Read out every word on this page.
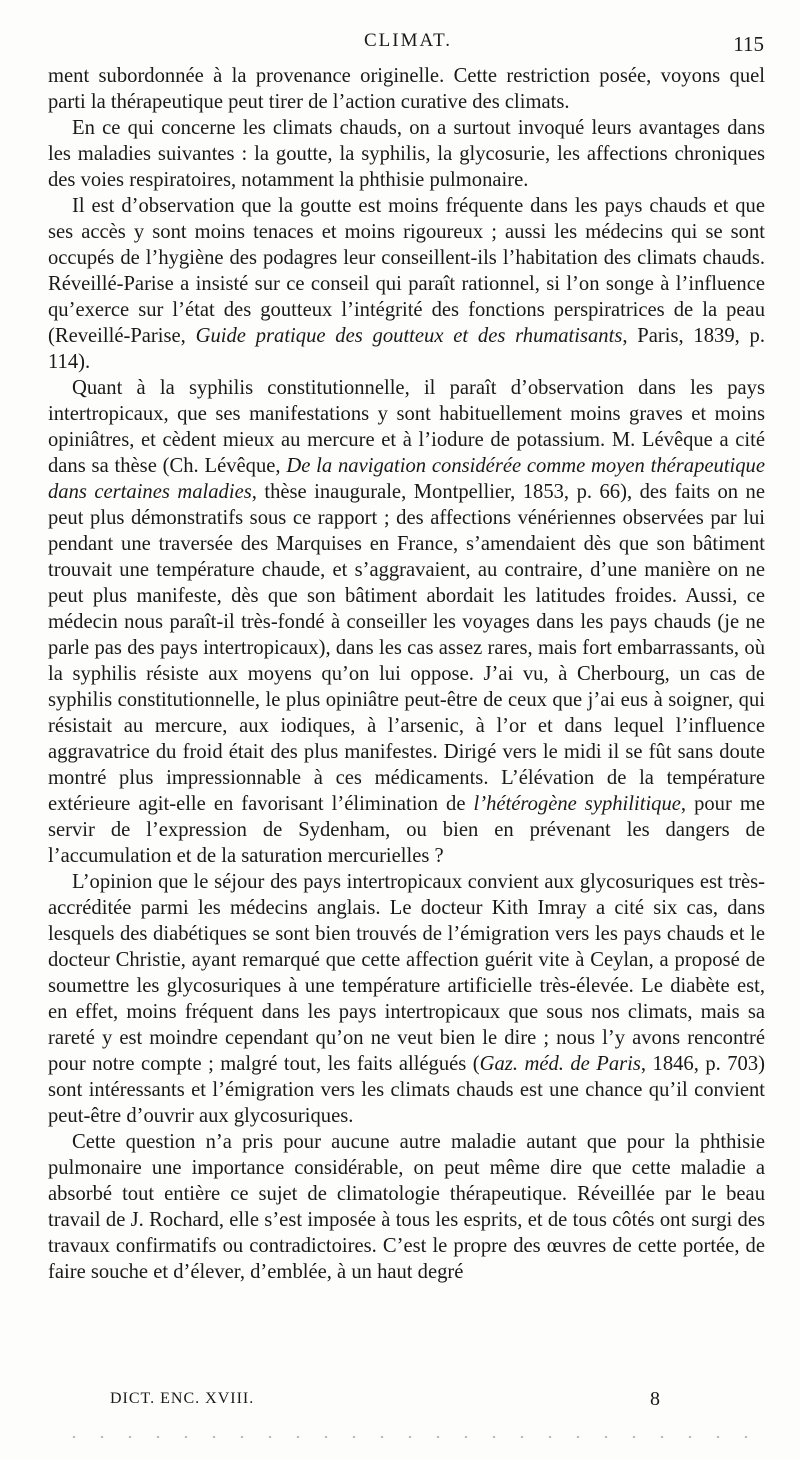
CLIMAT.	115

ment subordonnée à la provenance originelle. Cette restriction posée, voyons quel parti la thérapeutique peut tirer de l’action curative des climats.

En ce qui concerne les climats chauds, on a surtout invoqué leurs avantages dans les maladies suivantes : la goutte, la syphilis, la glycosurie, les affections chroniques des voies respiratoires, notamment la phthisie pulmonaire.

Il est d’observation que la goutte est moins fréquente dans les pays chauds et que ses accès y sont moins tenaces et moins rigoureux ; aussi les médecins qui se sont occupés de l’hygiène des podagres leur conseillent-ils l’habitation des climats chauds. Réveillé-Parise a insisté sur ce conseil qui paraît rationnel, si l’on songe à l’influence qu’exerce sur l’état des goutteux l’intégrité des fonctions perspiratrices de la peau (Reveillé-Parise, Guide pratique des goutteux et des rhumatisants, Paris, 1839, p. 114).

Quant à la syphilis constitutionnelle, il paraît d’observation dans les pays intertropicaux, que ses manifestations y sont habituellement moins graves et moins opiniâtres, et cèdent mieux au mercure et à l’iodure de potassium. M. Lévêque a cité dans sa thèse (Ch. Lévêque, De la navigation considérée comme moyen thérapeutique dans certaines maladies, thèse inaugurale, Montpellier, 1853, p. 66), des faits on ne peut plus démonstratifs sous ce rapport ; des affections vénériennes observées par lui pendant une traversée des Marquises en France, s’amendaient dès que son bâtiment trouvait une température chaude, et s’aggravaient, au contraire, d’une manière on ne peut plus manifeste, dès que son bâtiment abordait les latitudes froides. Aussi, ce médecin nous paraît-il très-fondé à conseiller les voyages dans les pays chauds (je ne parle pas des pays intertropicaux), dans les cas assez rares, mais fort embarrassants, où la syphilis résiste aux moyens qu’on lui oppose. J’ai vu, à Cherbourg, un cas de syphilis constitutionnelle, le plus opiniâtre peut-être de ceux que j’ai eus à soigner, qui résistait au mercure, aux iodiques, à l’arsenic, à l’or et dans lequel l’influence aggravatrice du froid était des plus manifestes. Dirigé vers le midi il se fût sans doute montré plus impressionnable à ces médicaments. L’élévation de la température extérieure agit-elle en favorisant l’élimination de l’hétérogène syphilitique, pour me servir de l’expression de Sydenham, ou bien en prévenant les dangers de l’accumulation et de la saturation mercurielles ?

L’opinion que le séjour des pays intertropicaux convient aux glycosuriques est très-accréditée parmi les médecins anglais. Le docteur Kith Imray a cité six cas, dans lesquels des diabétiques se sont bien trouvés de l’émigration vers les pays chauds et le docteur Christie, ayant remarqué que cette affection guérit vite à Ceylan, a proposé de soumettre les glycosuriques à une température artificielle très-élevée. Le diabète est, en effet, moins fréquent dans les pays intertropicaux que sous nos climats, mais sa rareté y est moindre cependant qu’on ne veut bien le dire ; nous l’y avons rencontré pour notre compte ; malgré tout, les faits allégués (Gaz. méd. de Paris, 1846, p. 703) sont intéressants et l’émigration vers les climats chauds est une chance qu’il convient peut-être d’ouvrir aux glycosuriques.

Cette question n’a pris pour aucune autre maladie autant que pour la phthisie pulmonaire une importance considérable, on peut même dire que cette maladie a absorbé tout entière ce sujet de climatologie thérapeutique. Réveillée par le beau travail de J. Rochard, elle s’est imposée à tous les esprits, et de tous côtés ont surgi des travaux confirmatifs ou contradictoires. C’est le propre des œuvres de cette portée, de faire souche et d’élever, d’emblée, à un haut degré

DICT. ENC. XVIII.	8
